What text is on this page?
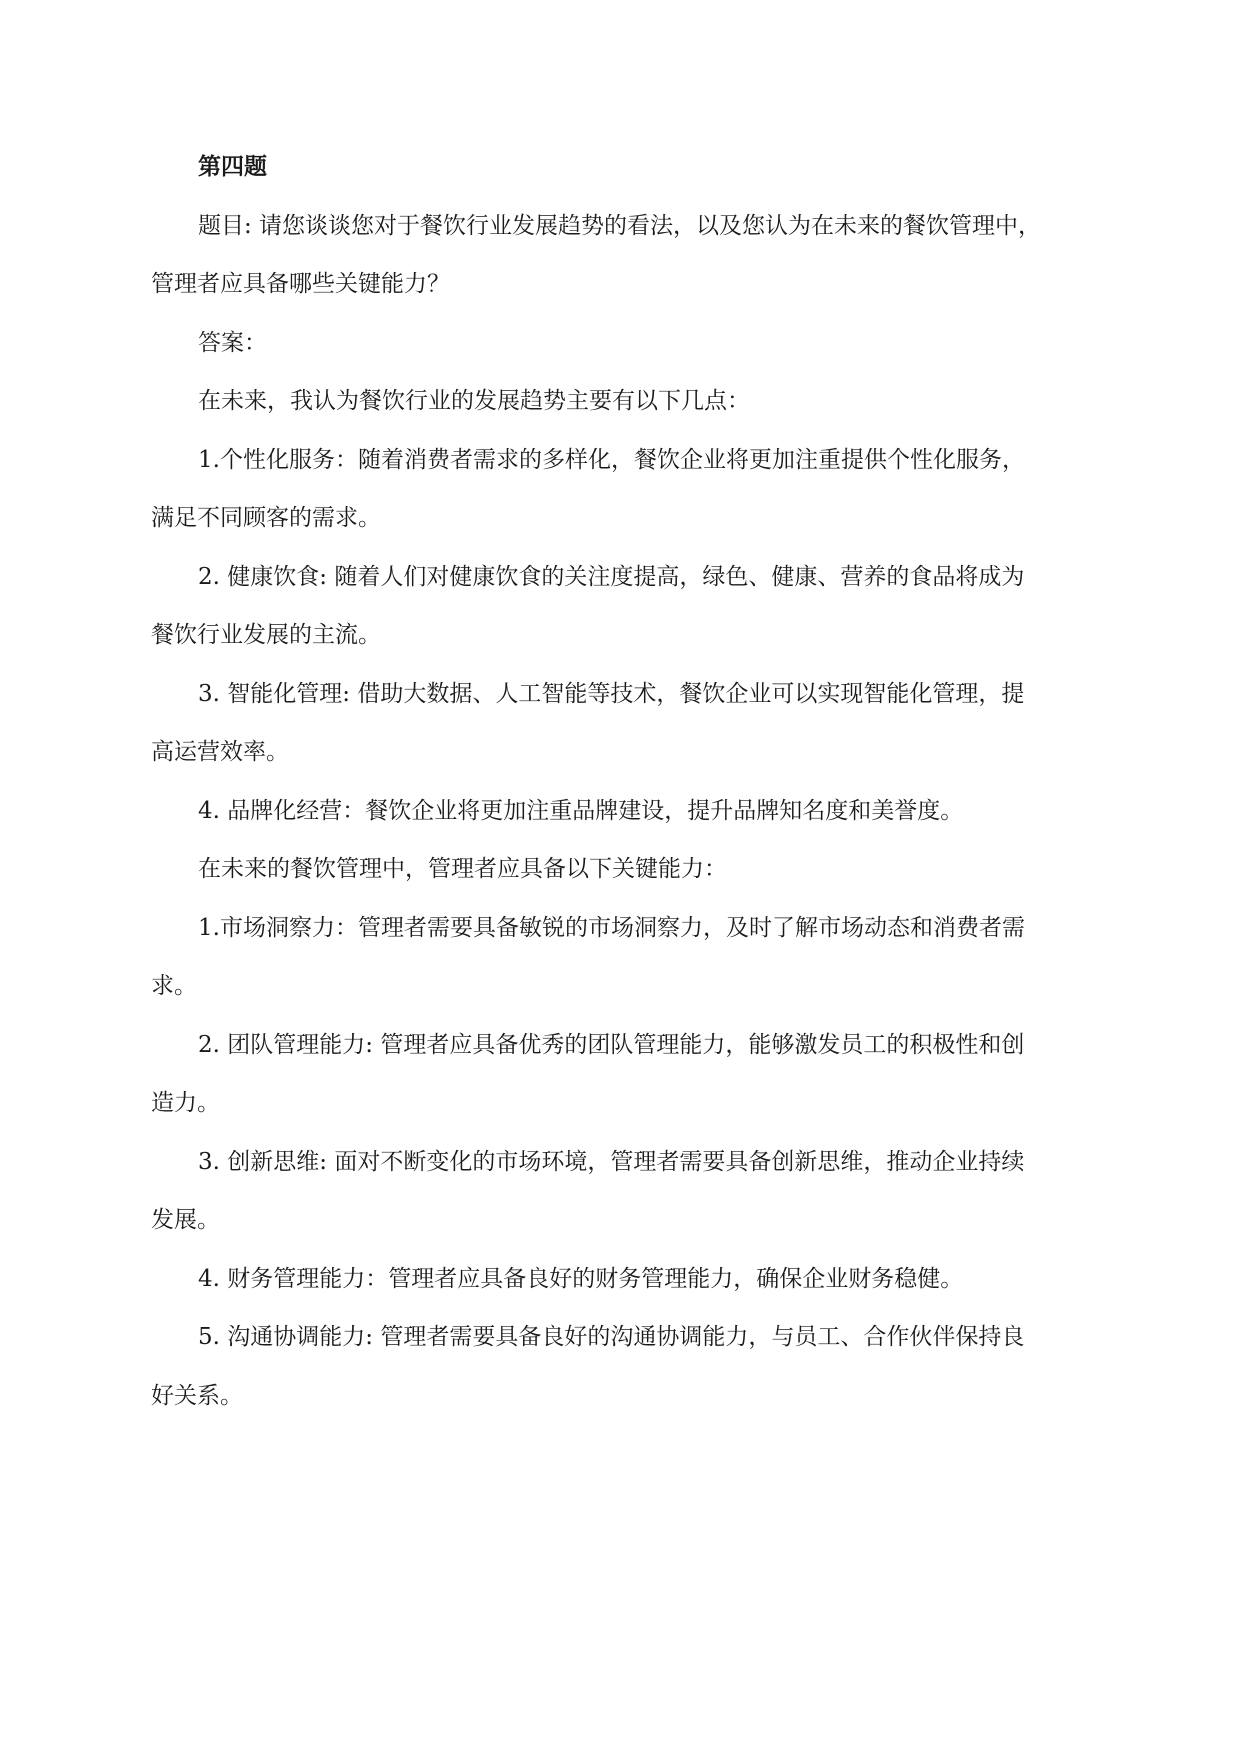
第四题
题目: 请您谈谈您对于餐饮行业发展趋势的看法，以及您认为在未来的餐饮管理中，
管理者应具备哪些关键能力？
答案：
在未来，我认为餐饮行业的发展趋势主要有以下几点：
1.个性化服务：随着消费者需求的多样化，餐饮企业将更加注重提供个性化服务，
满足不同顾客的需求。
2. 健康饮食: 随着人们对健康饮食的关注度提高，绿色、健康、营养的食品将成为
餐饮行业发展的主流。
3. 智能化管理: 借助大数据、人工智能等技术，餐饮企业可以实现智能化管理，提
高运营效率。
4. 品牌化经营：餐饮企业将更加注重品牌建设，提升品牌知名度和美誉度。
在未来的餐饮管理中，管理者应具备以下关键能力：
1.市场洞察力：管理者需要具备敏锐的市场洞察力，及时了解市场动态和消费者需
求。
2. 团队管理能力: 管理者应具备优秀的团队管理能力，能够激发员工的积极性和创
造力。
3. 创新思维: 面对不断变化的市场环境，管理者需要具备创新思维，推动企业持续
发展。
4. 财务管理能力：管理者应具备良好的财务管理能力，确保企业财务稳健。
5. 沟通协调能力: 管理者需要具备良好的沟通协调能力，与员工、合作伙伴保持良
好关系。
